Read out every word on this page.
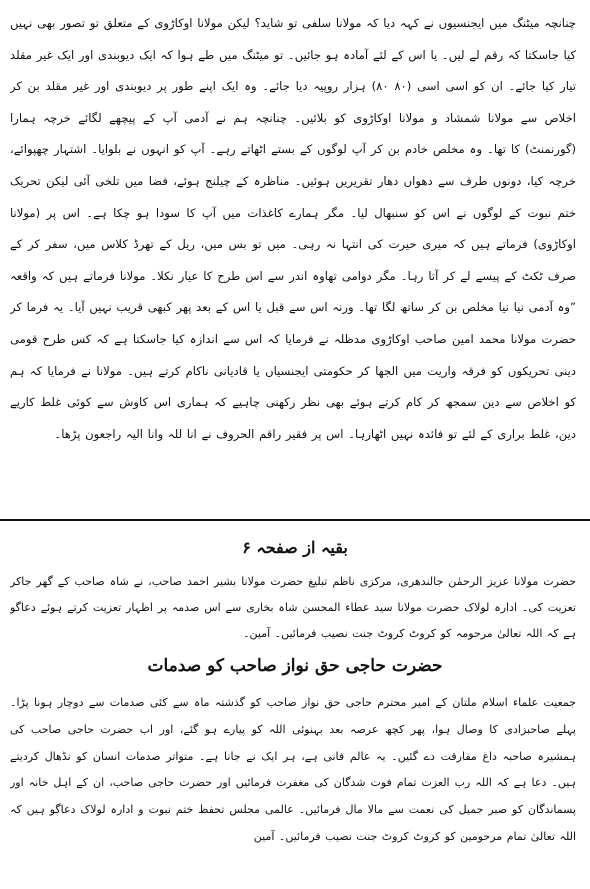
چنانچہ میٹنگ میں ایجنسیوں نے کہہ دیا کہ مولانا سلفی تو شاید؟ لیکن مولانا اوکاڑوی کے متعلق تو تصور بھی نہیں کیا جاسکتا کہ رقم لے لیں۔ یا اس کے لئے آمادہ ہو جائیں۔ تو میٹنگ میں طے ہوا کہ ایک دیوبندی اور ایک غیر مقلد تیار کیا جائے۔ ان کو اسی اسی (۸۰ ۸۰) ہزار روپیہ دیا جائے۔ وہ ایک اپنے طور پر دیوبندی اور غیر مقلد بن کر اخلاص سے مولانا شمشاد و مولانا اوکاڑوی کو بلائیں۔ چنانچہ ہم نے آدمی آپ کے پیچھے لگائے خرچہ ہمارا (گورنمنٹ) کا تھا۔ وہ مخلص خادم بن کر آپ لوگوں کے بستے اٹھاتے رہے۔ آپ کو انہوں نے بلوایا۔ اشتہار چھپوائے، خرچہ کیا، دونوں طرف سے دھواں دھار تقریریں ہوئیں۔ مناظرہ کے چیلنج ہوئے، فضا میں تلخی آئی لیکن تحریک ختم نبوت کے لوگوں نے اس کو سنبھال لیا۔ مگر ہمارے کاغذات میں آپ کا سودا ہو چکا ہے۔ اس پر (مولانا اوکاڑوی) فرماتے ہیں کہ میری حیرت کی انتہا نہ رہی۔ میں تو بس میں، ریل کے تھرڈ کلاس میں، سفر کر کے صرف ٹکٹ کے پیسے لے کر آتا رہا۔ مگر دوامی تھاوہ اندر سے اس طرح کا عیار نکلا۔ مولانا فرماتے ہیں کہ واقعہ ”وہ آدمی نیا نیا مخلص بن کر ساتھ لگا تھا۔ ورنہ اس سے قبل یا اس کے بعد پھر کبھی قریب نہیں آیا۔ یہ فرما کر حضرت مولانا محمد امین صاحب اوکاڑوی مدظلہ نے فرمایا کہ اس سے اندازہ کیا جاسکتا ہے کہ کس طرح قومی دینی تحریکوں کو فرقہ واریت میں الجھا کر حکومتی ایجنسیاں یا قادیانی ناکام کرتے ہیں۔ مولانا نے فرمایا کہ ہم کو اخلاص سے دین سمجھ کر کام کرتے ہوئے بھی نظر رکھنی چاہیے کہ ہماری اس کاوش سے کوئی غلط کاریے دین، غلط براری کے لئے تو فائدہ نہیں اٹھارہا۔ اس پر فقیر راقم الحروف نے انا للہ وانا الیہ راجعون پڑھا۔

بقیہ از صفحہ ۶

حضرت مولانا عزیز الرحمٰن جالندھری، مرکزی ناظم تبلیغ حضرت مولانا بشیر احمد صاحب، نے شاہ صاحب کے گھر جاکر تعزیت کی۔ ادارہ لولاک حضرت مولانا سید عطاء المحسن شاہ بخاری سے اس صدمہ پر اظہار تعزیت کرتے ہوئے دعاگو ہے کہ اللہ تعالیٰ مرحومہ کو کروٹ کروٹ جنت نصیب فرمائیں۔ آمین۔

حضرت حاجی حق نواز صاحب کو صدمات

جمعیت علماء اسلام ملتان کے امیر محترم حاجی حق نواز صاحب کو گذشتہ ماہ سے کئی صدمات سے دوچار ہونا پڑا۔ پہلے صاحبزادی کا وصال ہوا، پھر کچھ عرصہ بعد بہنوئی اللہ کو پیارے ہو گئے، اور اب حضرت حاجی صاحب کی ہمشیرہ صاحبہ داغ مفارقت دے گئیں۔ یہ عالم فانی ہے، ہر ایک نے جانا ہے۔ متواتر صدمات انسان کو نڈھال کردیتے ہیں۔ دعا ہے کہ اللہ رب العزت تمام فوت شدگان کی مغفرت فرمائیں اور حضرت حاجی صاحب، ان کے اہل خانہ اور پسماندگان کو صبر جمیل کی نعمت سے مالا مال فرمائیں۔ عالمی مجلس تحفظ ختم نبوت و ادارہ لولاک دعاگو ہیں کہ اللہ تعالیٰ تمام مرحومین کو کروٹ کروٹ جنت نصیب فرمائیں۔ آمین
